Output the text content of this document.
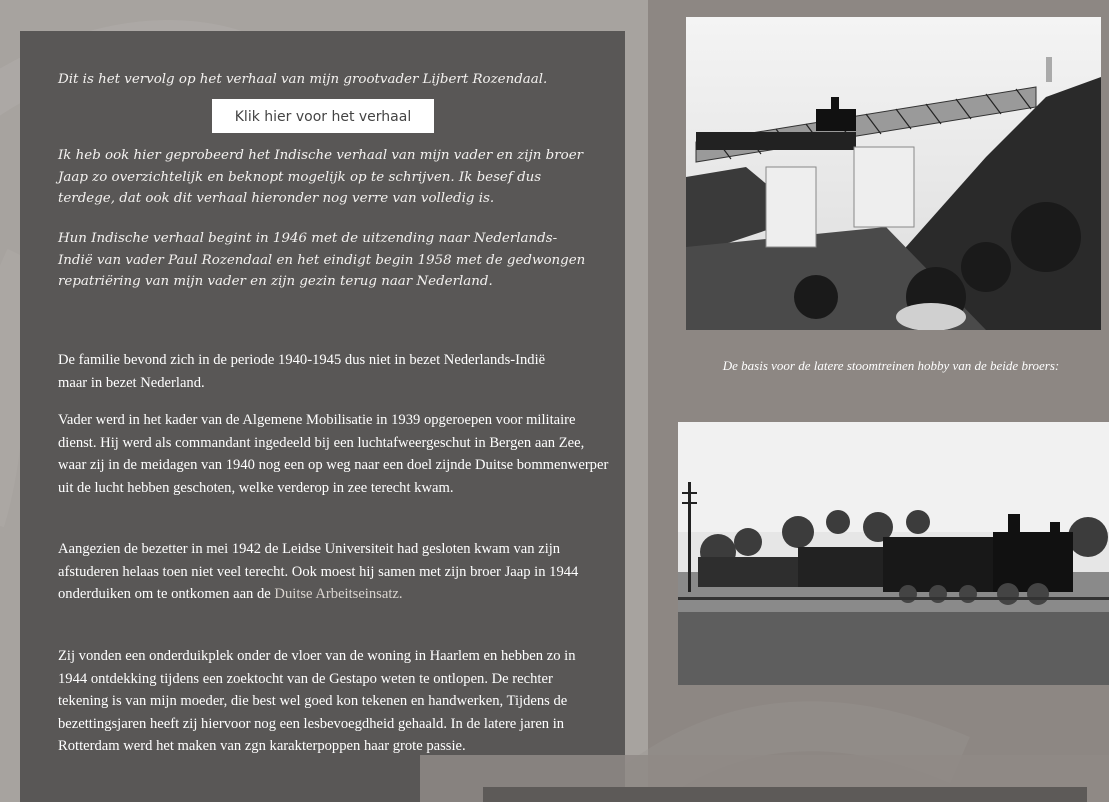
Dit is het vervolg op het verhaal van mijn grootvader Lijbert Rozendaal.
Klik hier voor het verhaal
Ik heb ook hier geprobeerd het Indische verhaal van mijn vader en zijn broer Jaap zo overzichtelijk en beknopt mogelijk op te schrijven. Ik besef dus terdege, dat ook dit verhaal hieronder nog verre van volledig is.
Hun Indische verhaal begint in 1946 met de uitzending naar Nederlands-Indië van vader Paul Rozendaal en het eindigt begin 1958 met de gedwongen repatriëring van mijn vader en zijn gezin terug naar Nederland.
De familie bevond zich in de periode 1940-1945 dus niet in bezet Nederlands-Indië maar in bezet Nederland.
Vader werd in het kader van de Algemene Mobilisatie in 1939 opgeroepen voor militaire dienst. Hij werd als commandant ingedeeld bij een luchtafweergeschut in Bergen aan Zee, waar zij in de meidagen van 1940 nog een op weg naar een doel zijnde Duitse bommenwerper uit de lucht hebben geschoten, welke verderop in zee terecht kwam.
Aangezien de bezetter in mei 1942 de Leidse Universiteit had gesloten kwam van zijn afstuderen helaas toen niet veel terecht. Ook moest hij samen met zijn broer Jaap in 1944 onderduiken om te ontkomen aan de Duitse Arbeitseinsatz.
Zij vonden een onderduikplek onder de vloer van de woning in Haarlem en hebben zo in 1944 ontdekking tijdens een zoektocht van de Gestapo weten te ontlopen. De rechter tekening is van mijn moeder, die best wel goed kon tekenen en handwerken, Tijdens de bezettingsjaren heeft zij hiervoor nog een lesbevoegdheid gehaald. In de latere jaren in Rotterdam werd het maken van zgn karakterpoppen haar grote passie.
De basis voor de latere stoomtreinen hobby van de beide broers:
